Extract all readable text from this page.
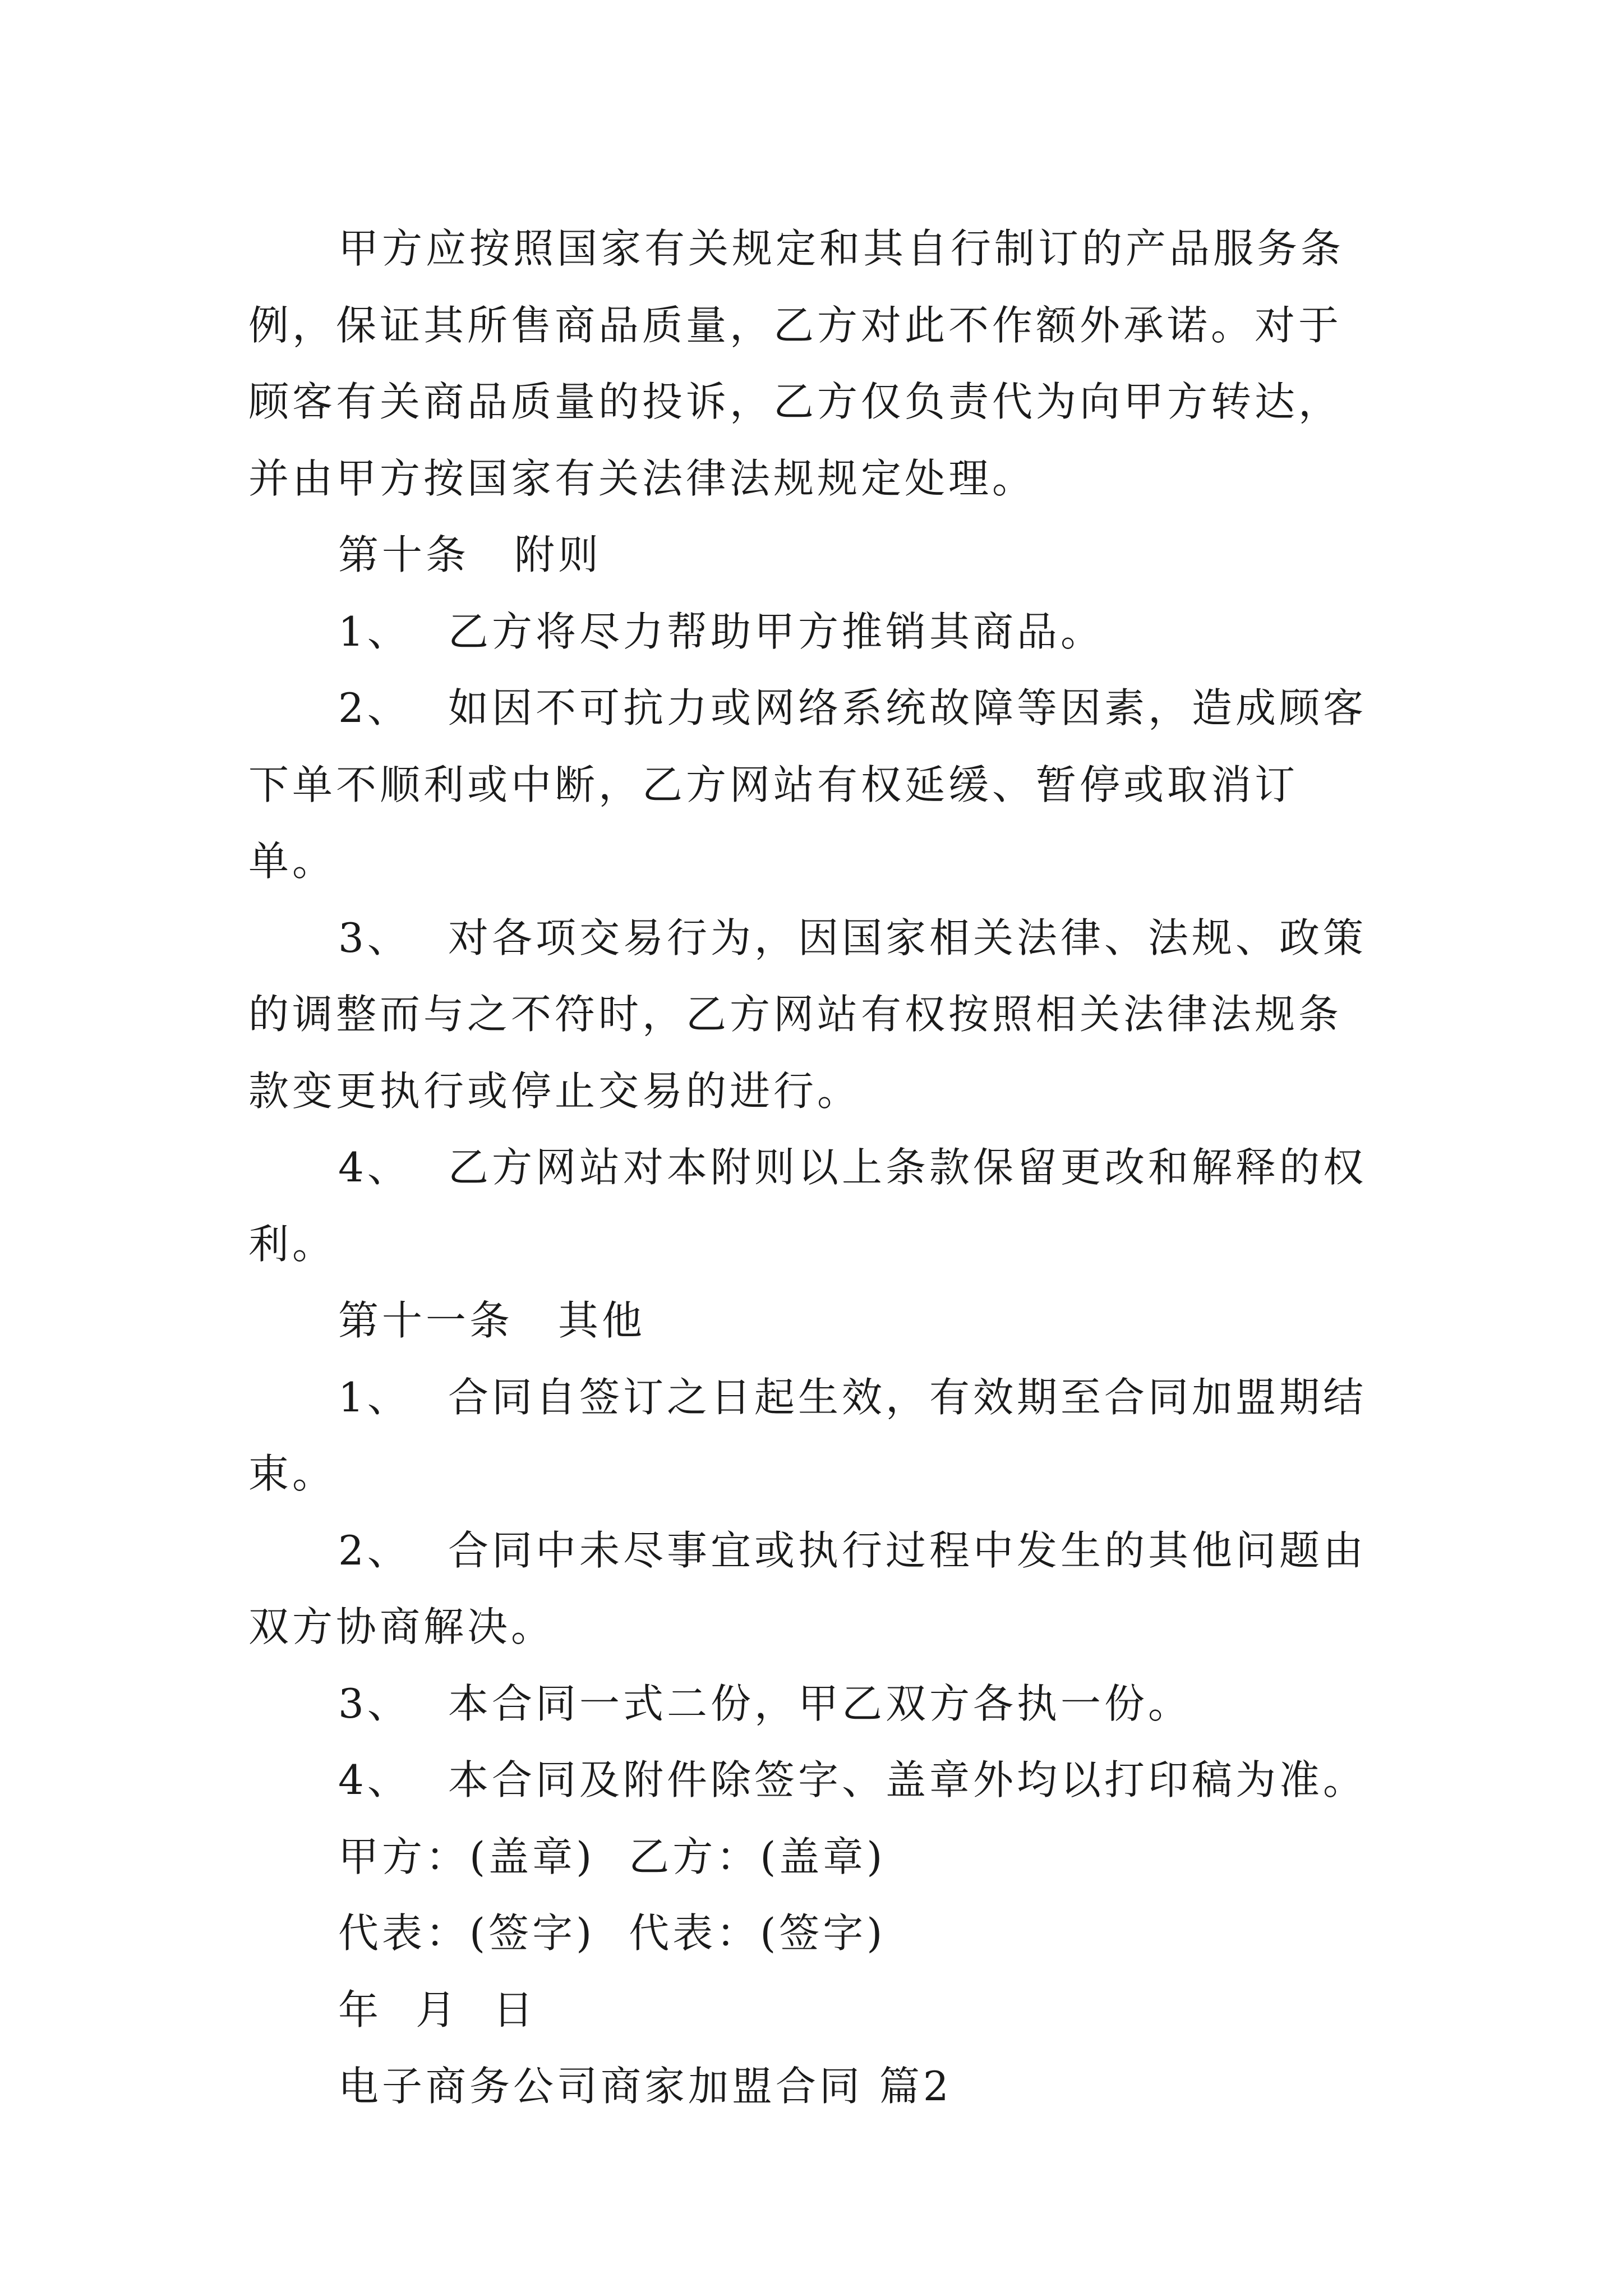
甲方应按照国家有关规定和其自行制订的产品服务条例，保证其所售商品质量，乙方对此不作额外承诺。对于顾客有关商品质量的投诉，乙方仅负责代为向甲方转达，并由甲方按国家有关法律法规规定处理。

第十条 附则

1、 乙方将尽力帮助甲方推销其商品。

2、 如因不可抗力或网络系统故障等因素，造成顾客下单不顺利或中断，乙方网站有权延缓、暂停或取消订单。

3、 对各项交易行为，因国家相关法律、法规、政策的调整而与之不符时，乙方网站有权按照相关法律法规条款变更执行或停止交易的进行。

4、 乙方网站对本附则以上条款保留更改和解释的权利。

第十一条 其他

1、 合同自签订之日起生效，有效期至合同加盟期结束。

2、 合同中未尽事宜或执行过程中发生的其他问题由双方协商解决。

3、 本合同一式二份，甲乙双方各执一份。

4、 本合同及附件除签字、盖章外均以打印稿为准。

甲方：(盖章) 乙方：(盖章)

代表：(签字) 代表：(签字)

年 月 日

电子商务公司商家加盟合同 篇2
